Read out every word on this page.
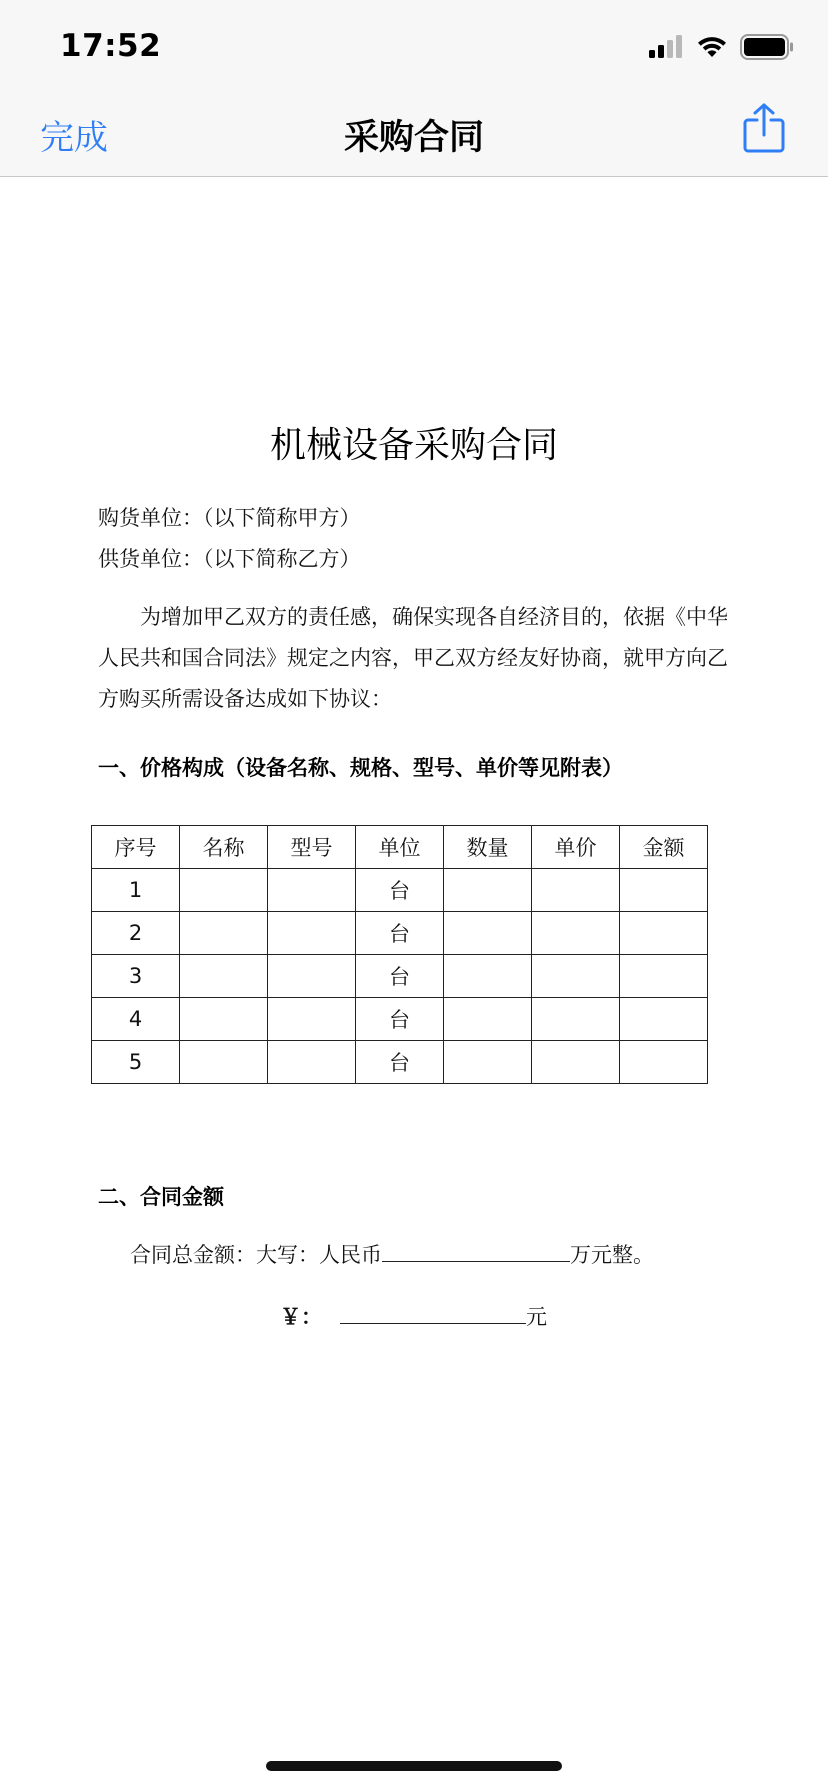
17:52
完成	采购合同
机械设备采购合同
购货单位：（以下简称甲方）
供货单位：（以下简称乙方）
为增加甲乙双方的责任感，确保实现各自经济目的，依据《中华
人民共和国合同法》规定之内容，甲乙双方经友好协商，就甲方向乙
方购买所需设备达成如下协议：
一、价格构成（设备名称、规格、型号、单价等见附表）
序号	名称	型号	单位	数量	单价	金额
1			台			
2			台			
3			台			
4			台			
5			台			
二、合同金额
合同总金额：大写：人民币	万元整。
￥：	元
